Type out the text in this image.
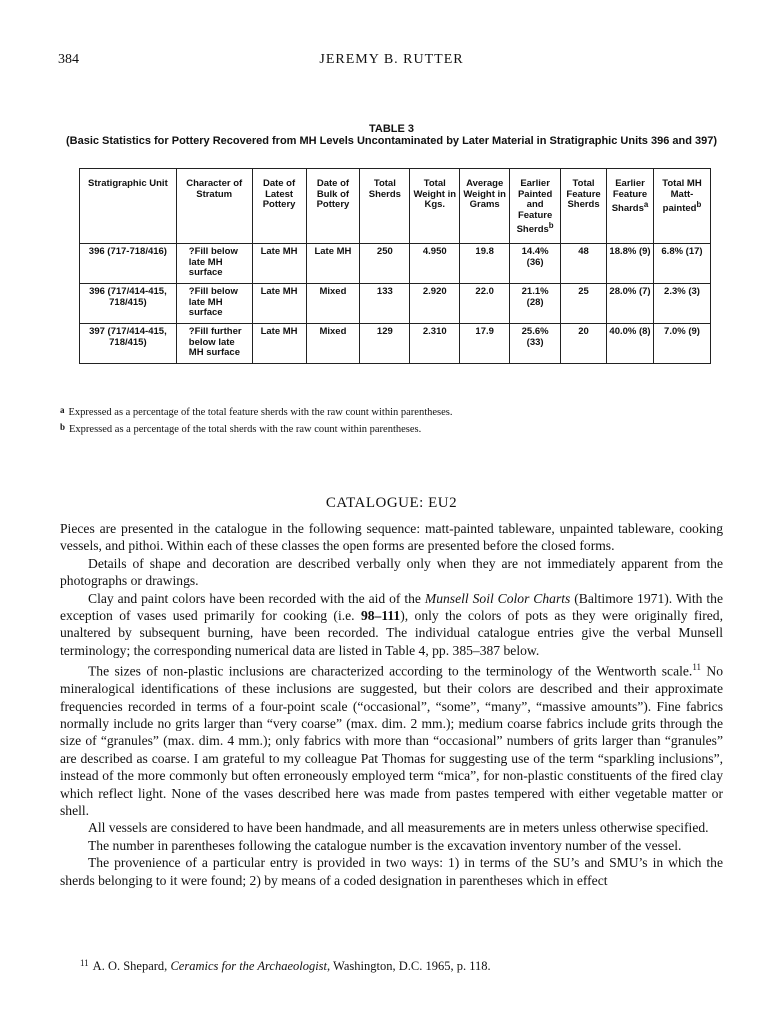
384	JEREMY B. RUTTER
TABLE 3
(Basic Statistics for Pottery Recovered from MH Levels Uncontaminated by Later Material in Stratigraphic Units 396 and 397)
Stratigraphic Unit	Character of Stratum	Date of Latest Pottery	Date of Bulk of Pottery	Total Sherds	Total Weight in Kgs.	Average Weight in Grams	Earlier Painted and Feature Sherds$^b$	Total Feature Sherds	Earlier Feature Shards$^a$	Total MH Matt-painted$^b$
396 (717-718/416)	?Fill below late MH surface	Late MH	Late MH	250	4.950	19.8	14.4% (36)	48	18.8% (9)	6.8% (17)
396 (717/414-415, 718/415)	?Fill below late MH surface	Late MH	Mixed	133	2.920	22.0	21.1% (28)	25	28.0% (7)	2.3% (3)
397 (717/414-415, 718/415)	?Fill further below late MH surface	Late MH	Mixed	129	2.310	17.9	25.6% (33)	20	40.0% (8)	7.0% (9)
$^a$ Expressed as a percentage of the total feature sherds with the raw count within parentheses.
$^b$ Expressed as a percentage of the total sherds with the raw count within parentheses.
CATALOGUE: EU2

Pieces are presented in the catalogue in the following sequence: matt-painted tableware, unpainted tableware, cooking vessels, and pithoi. Within each of these classes the open forms are presented before the closed forms.

Details of shape and decoration are described verbally only when they are not immediately apparent from the photographs or drawings.

Clay and paint colors have been recorded with the aid of the Munsell Soil Color Charts (Baltimore 1971). With the exception of vases used primarily for cooking (i.e. 98–111), only the colors of pots as they were originally fired, unaltered by subsequent burning, have been recorded. The individual catalogue entries give the verbal Munsell terminology; the corresponding numerical data are listed in Table 4, pp. 385–387 below.

The sizes of non-plastic inclusions are characterized according to the terminology of the Wentworth scale.$^{11}$ No mineralogical identifications of these inclusions are suggested, but their colors are described and their approximate frequencies recorded in terms of a four-point scale (“occasional”, “some”, “many”, “massive amounts”). Fine fabrics normally include no grits larger than “very coarse” (max. dim. 2 mm.); medium coarse fabrics include grits through the size of “granules” (max. dim. 4 mm.); only fabrics with more than “occasional” numbers of grits larger than “granules” are described as coarse. I am grateful to my colleague Pat Thomas for suggesting use of the term “sparkling inclusions”, instead of the more commonly but often erroneously employed term “mica”, for non-plastic constituents of the fired clay which reflect light. None of the vases described here was made from pastes tempered with either vegetable matter or shell.

All vessels are considered to have been handmade, and all measurements are in meters unless otherwise specified.

The number in parentheses following the catalogue number is the excavation inventory number of the vessel.

The provenience of a particular entry is provided in two ways: 1) in terms of the SU’s and SMU’s in which the sherds belonging to it were found; 2) by means of a coded designation in parentheses which in effect

$^{11}$ A. O. Shepard, Ceramics for the Archaeologist, Washington, D.C. 1965, p. 118.
